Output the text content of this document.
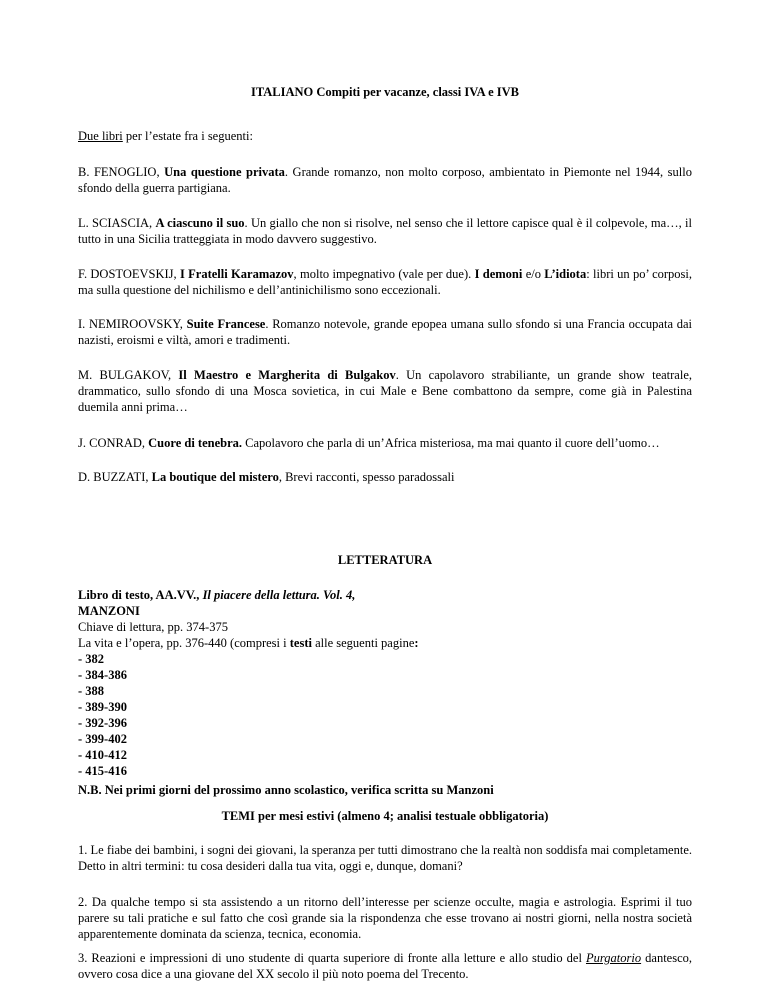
ITALIANO Compiti per vacanze, classi IVA e IVB

Due libri per l’estate fra i seguenti:

B. FENOGLIO, Una questione privata. Grande romanzo, non molto corposo, ambientato in Piemonte nel 1944, sullo sfondo della guerra partigiana.

L. SCIASCIA, A ciascuno il suo. Un giallo che non si risolve, nel senso che il lettore capisce qual è il colpevole, ma…, il tutto in una Sicilia tratteggiata in modo davvero suggestivo.

F. DOSTOEVSKIJ, I Fratelli Karamazov, molto impegnativo (vale per due). I demoni e/o L’idiota: libri un po’ corposi, ma sulla questione del nichilismo e dell’antinichilismo sono eccezionali.

I. NEMIROOVSKY, Suite Francese. Romanzo notevole, grande epopea umana sullo sfondo si una Francia occupata dai nazisti, eroismi e viltà, amori e tradimenti.

M. BULGAKOV, Il Maestro e Margherita di Bulgakov. Un capolavoro strabiliante, un grande show teatrale, drammatico, sullo sfondo di una Mosca sovietica, in cui Male e Bene combattono da sempre, come già in Palestina duemila anni prima…

J. CONRAD, Cuore di tenebra. Capolavoro che parla di un’Africa misteriosa, ma mai quanto il cuore dell’uomo…

D. BUZZATI, La boutique del mistero, Brevi racconti, spesso paradossali

LETTERATURA

Libro di testo, AA.VV., Il piacere della lettura. Vol. 4,

MANZONI

Chiave di lettura, pp. 374-375

La vita e l’opera, pp. 376-440 (compresi i testi alle seguenti pagine:

- 382

- 384-386

- 388

- 389-390

- 392-396

- 399-402

- 410-412

- 415-416

N.B. Nei primi giorni del prossimo anno scolastico, verifica scritta su Manzoni

TEMI per mesi estivi (almeno 4; analisi testuale obbligatoria)

1. Le fiabe dei bambini, i sogni dei giovani, la speranza per tutti dimostrano che la realtà non soddisfa mai completamente. Detto in altri termini: tu cosa desideri dalla tua vita, oggi e, dunque, domani?

2. Da qualche tempo si sta assistendo a un ritorno dell’interesse per scienze occulte, magia e astrologia. Esprimi il tuo parere su tali pratiche e sul fatto che così grande sia la rispondenza che esse trovano ai nostri giorni, nella nostra società apparentemente dominata da scienza, tecnica, economia.

3. Reazioni e impressioni di uno studente di quarta superiore di fronte alla letture e allo studio del Purgatorio dantesco, ovvero cosa dice a una giovane del XX secolo il più noto poema del Trecento.
